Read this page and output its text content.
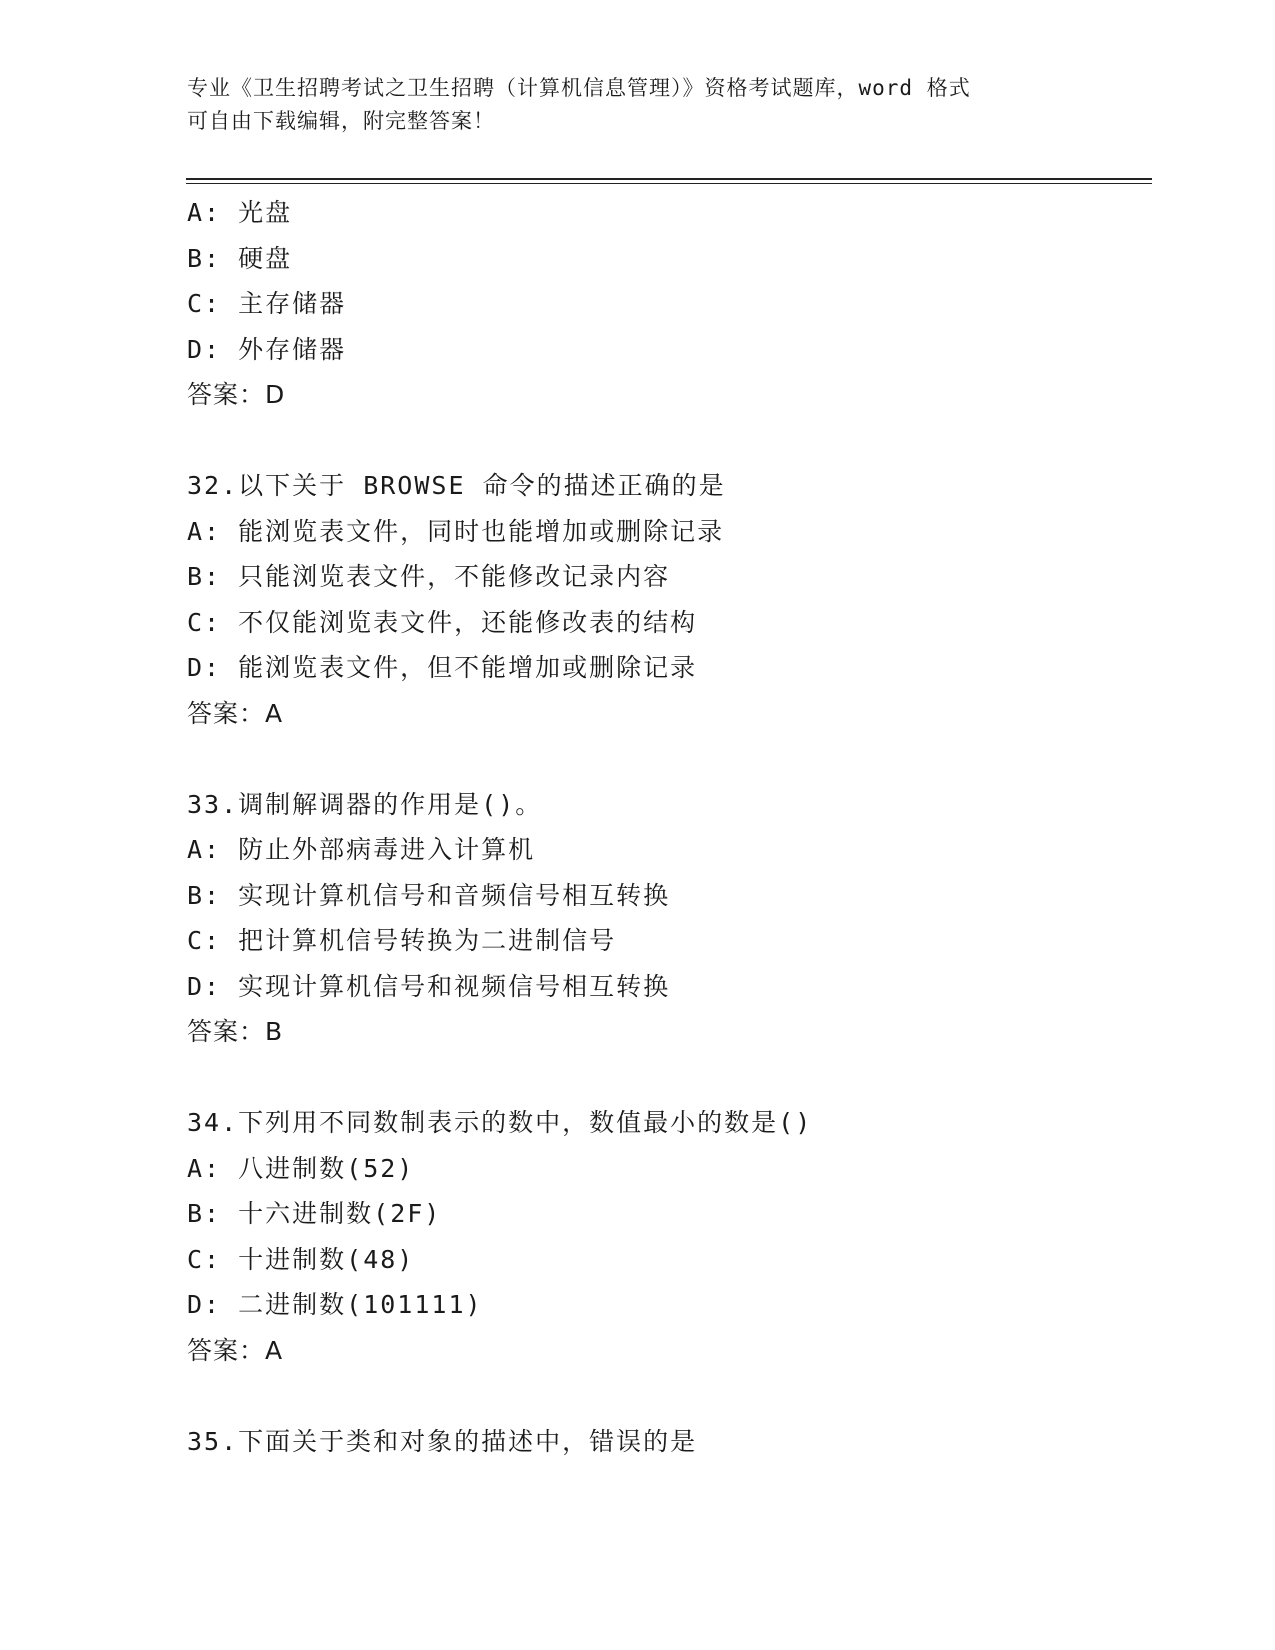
专业《卫生招聘考试之卫生招聘（计算机信息管理）》资格考试题库，word 格式
可自由下载编辑，附完整答案！
A: 光盘
B: 硬盘
C: 主存储器
D: 外存储器
答案：D
32.以下关于 BROWSE 命令的描述正确的是
A: 能浏览表文件，同时也能增加或删除记录
B: 只能浏览表文件，不能修改记录内容
C: 不仅能浏览表文件，还能修改表的结构
D: 能浏览表文件，但不能增加或删除记录
答案：A
33.调制解调器的作用是()。
A: 防止外部病毒进入计算机
B: 实现计算机信号和音频信号相互转换
C: 把计算机信号转换为二进制信号
D: 实现计算机信号和视频信号相互转换
答案：B
34.下列用不同数制表示的数中，数值最小的数是()
A: 八进制数(52)
B: 十六进制数(2F)
C: 十进制数(48)
D: 二进制数(101111)
答案：A
35.下面关于类和对象的描述中，错误的是
